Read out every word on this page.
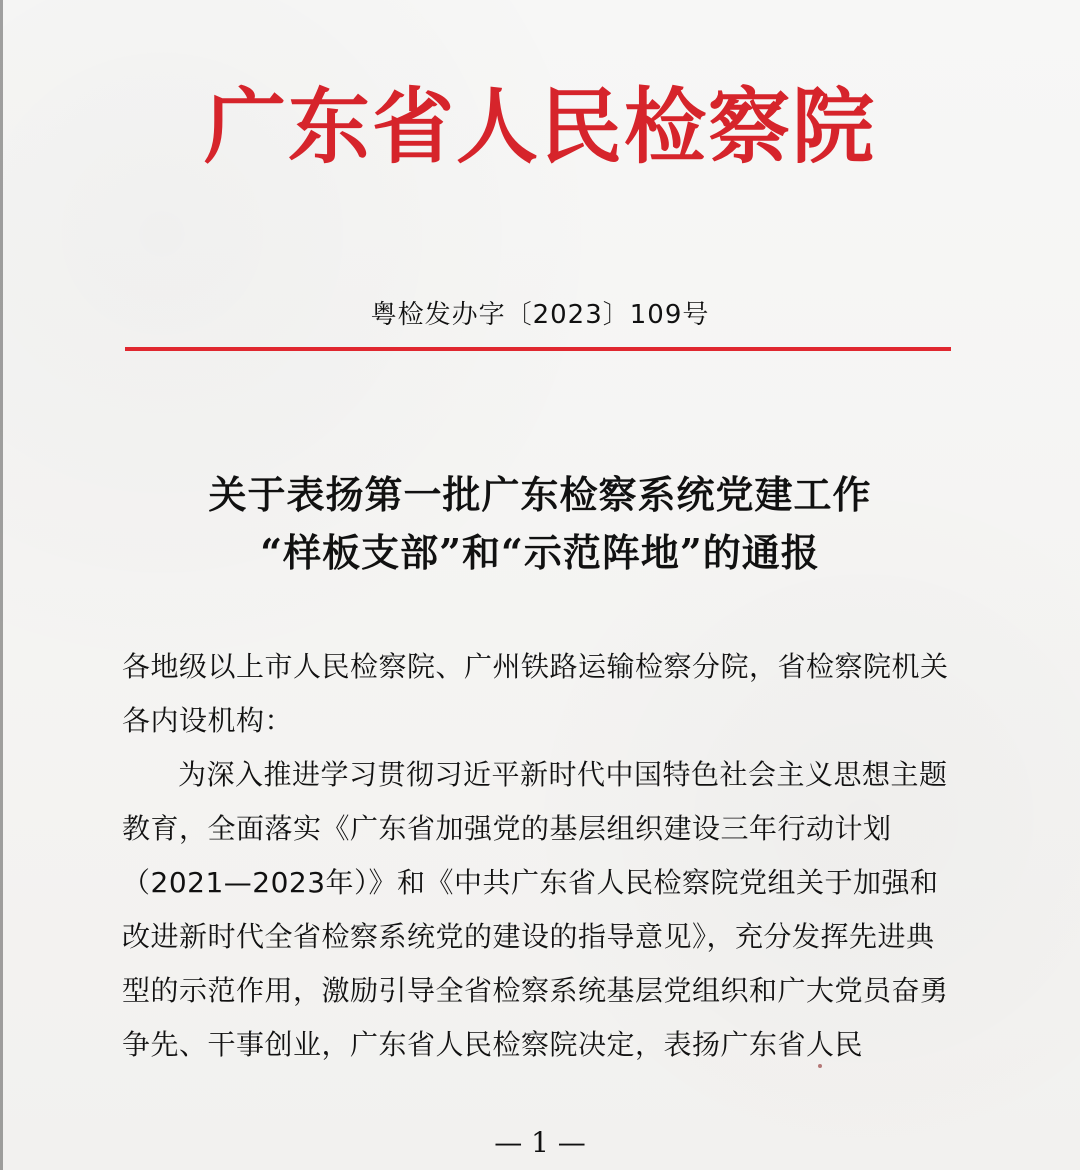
广东省人民检察院
粤检发办字〔2023〕109号
关于表扬第一批广东检察系统党建工作
“样板支部”和“示范阵地”的通报

各地级以上市人民检察院、广州铁路运输检察分院，省检察院机关各内设机构：

为深入推进学习贯彻习近平新时代中国特色社会主义思想主题教育，全面落实《广东省加强党的基层组织建设三年行动计划（2021—2023年）》和《中共广东省人民检察院党组关于加强和改进新时代全省检察系统党的建设的指导意见》，充分发挥先进典型的示范作用，激励引导全省检察系统基层党组织和广大党员奋勇争先、干事创业，广东省人民检察院决定，表扬广东省人民

— 1 —
